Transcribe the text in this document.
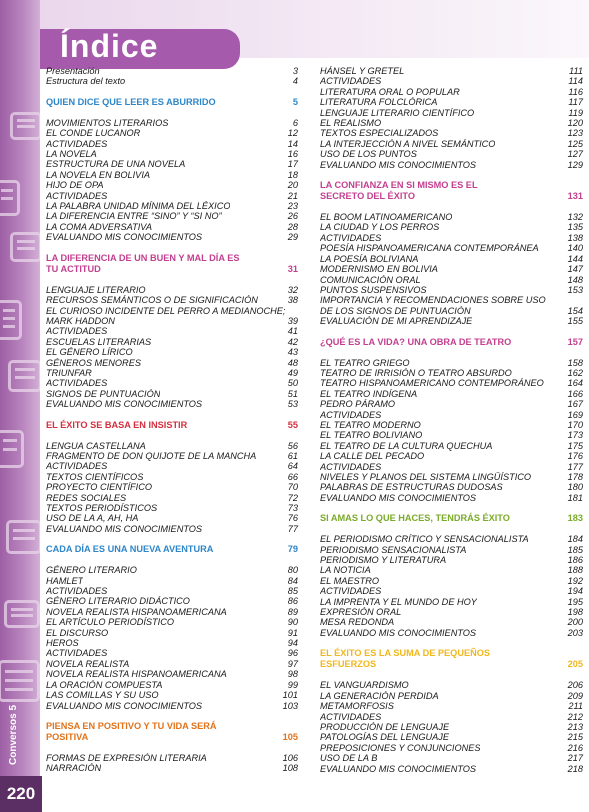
Conversos 5
220
Índice
Presentación	3
Estructura del texto	4
QUIEN DICE QUE LEER ES ABURRIDO	5
MOVIMIENTOS LITERARIOS	6
EL CONDE LUCANOR	12
ACTIVIDADES	14
LA NOVELA	16
ESTRUCTURA DE UNA NOVELA	17
LA NOVELA EN BOLIVIA	18
HIJO DE OPA	20
ACTIVIDADES	21
LA PALABRA UNIDAD MÍNIMA DEL LÉXICO	23
LA DIFERENCIA ENTRE “SINO” Y “SI NO”	26
LA COMA ADVERSATIVA	28
EVALUANDO MIS CONOCIMIENTOS	29
LA DIFERENCIA DE UN BUEN Y MAL DÍA ES TU ACTITUD	31
LENGUAJE LITERARIO	32
RECURSOS SEMÁNTICOS O DE SIGNIFICACIÓN	38
EL CURIOSO INCIDENTE DEL PERRO A MEDIANOCHE;
MARK HADDON	39
ACTIVIDADES	41
ESCUELAS LITERARIAS	42
EL GÉNERO LÍRICO	43
GÉNEROS MENORES	48
TRIUNFAR	49
ACTIVIDADES	50
SIGNOS DE PUNTUACIÓN	51
EVALUANDO MIS CONOCIMIENTOS	53
EL ÉXITO SE BASA EN INSISTIR	55
LENGUA CASTELLANA	56
FRAGMENTO DE DON QUIJOTE DE LA MANCHA	61
ACTIVIDADES	64
TEXTOS CIENTÍFICOS	66
PROYECTO CIENTÍFICO	70
REDES SOCIALES	72
TEXTOS PERIODÍSTICOS	73
USO DE LA A, AH, HA	76
EVALUANDO MIS CONOCIMIENTOS	77
CADA DÍA ES UNA NUEVA AVENTURA	79
GÉNERO LITERARIO	80
HAMLET	84
ACTIVIDADES	85
GÉNERO LITERARIO DIDÁCTICO	86
NOVELA REALISTA HISPANOAMERICANA	89
EL ARTÍCULO PERIODÍSTICO	90
EL DISCURSO	91
HEROS	94
ACTIVIDADES	96
NOVELA REALISTA	97
NOVELA REALISTA HISPANOAMERICANA	98
LA ORACIÓN COMPUESTA	99
LAS COMILLAS Y SU USO	101
EVALUANDO MIS CONOCIMIENTOS	103
PIENSA EN POSITIVO Y TU VIDA SERÁ POSITIVA	105
FORMAS DE EXPRESIÓN LITERARIA	106
NARRACIÓN	108
HÁNSEL Y GRETEL	111
ACTIVIDADES	114
LITERATURA ORAL O POPULAR	116
LITERATURA FOLCLÓRICA	117
LENGUAJE LITERARIO CIENTÍFICO	119
EL REALISMO	120
TEXTOS ESPECIALIZADOS	123
LA INTERJECCIÓN A NIVEL SEMÁNTICO	125
USO DE LOS PUNTOS	127
EVALUANDO MIS CONOCIMIENTOS	129
LA CONFIANZA EN SI MISMO ES EL SECRETO DEL ÉXITO	131
EL BOOM LATINOAMERICANO	132
LA CIUDAD Y LOS PERROS	135
ACTIVIDADES	138
POESÍA HISPANOAMERICANA CONTEMPORÁNEA	140
LA POESÍA BOLIVIANA	144
MODERNISMO EN BOLIVIA	147
COMUNICACIÓN ORAL	148
PUNTOS SUSPENSIVOS	153
IMPORTANCIA Y RECOMENDACIONES SOBRE USO
DE LOS SIGNOS DE PUNTUACIÓN	154
EVALUACIÓN DE MI APRENDIZAJE	155
¿QUÉ ES LA VIDA? UNA OBRA DE TEATRO	157
EL TEATRO GRIEGO	158
TEATRO DE IRRISIÓN O TEATRO ABSURDO	162
TEATRO HISPANOAMERICANO CONTEMPORÁNEO	164
EL TEATRO INDÍGENA	166
PEDRO PÁRAMO	167
ACTIVIDADES	169
EL TEATRO MODERNO	170
EL TEATRO BOLIVIANO	173
EL TEATRO DE LA CULTURA QUECHUA	175
LA CALLE DEL PECADO	176
ACTIVIDADES	177
NIVELES Y PLANOS DEL SISTEMA LINGÜÍSTICO	178
PALABRAS DE ESTRUCTURAS DUDOSAS	180
EVALUANDO MIS CONOCIMIENTOS	181
SI AMAS LO QUE HACES, TENDRÁS ÉXITO	183
EL PERIODISMO CRÍTICO Y SENSACIONALISTA	184
PERIODISMO SENSACIONALISTA	185
PERIODISMO Y LITERATURA	186
LA NOTICIA	188
EL MAESTRO	192
ACTIVIDADES	194
LA IMPRENTA Y EL MUNDO DE HOY	195
EXPRESIÓN ORAL	198
MESA REDONDA	200
EVALUANDO MIS CONOCIMIENTOS	203
EL ÉXITO ES LA SUMA DE PEQUEÑOS ESFUERZOS	205
EL VANGUARDISMO	206
LA GENERACIÓN PERDIDA	209
METAMORFOSIS	211
ACTIVIDADES	212
PRODUCCIÓN DE LENGUAJE	213
PATOLOGÍAS DEL LENGUAJE	215
PREPOSICIONES Y CONJUNCIONES	216
USO DE LA B	217
EVALUANDO MIS CONOCIMIENTOS	218
